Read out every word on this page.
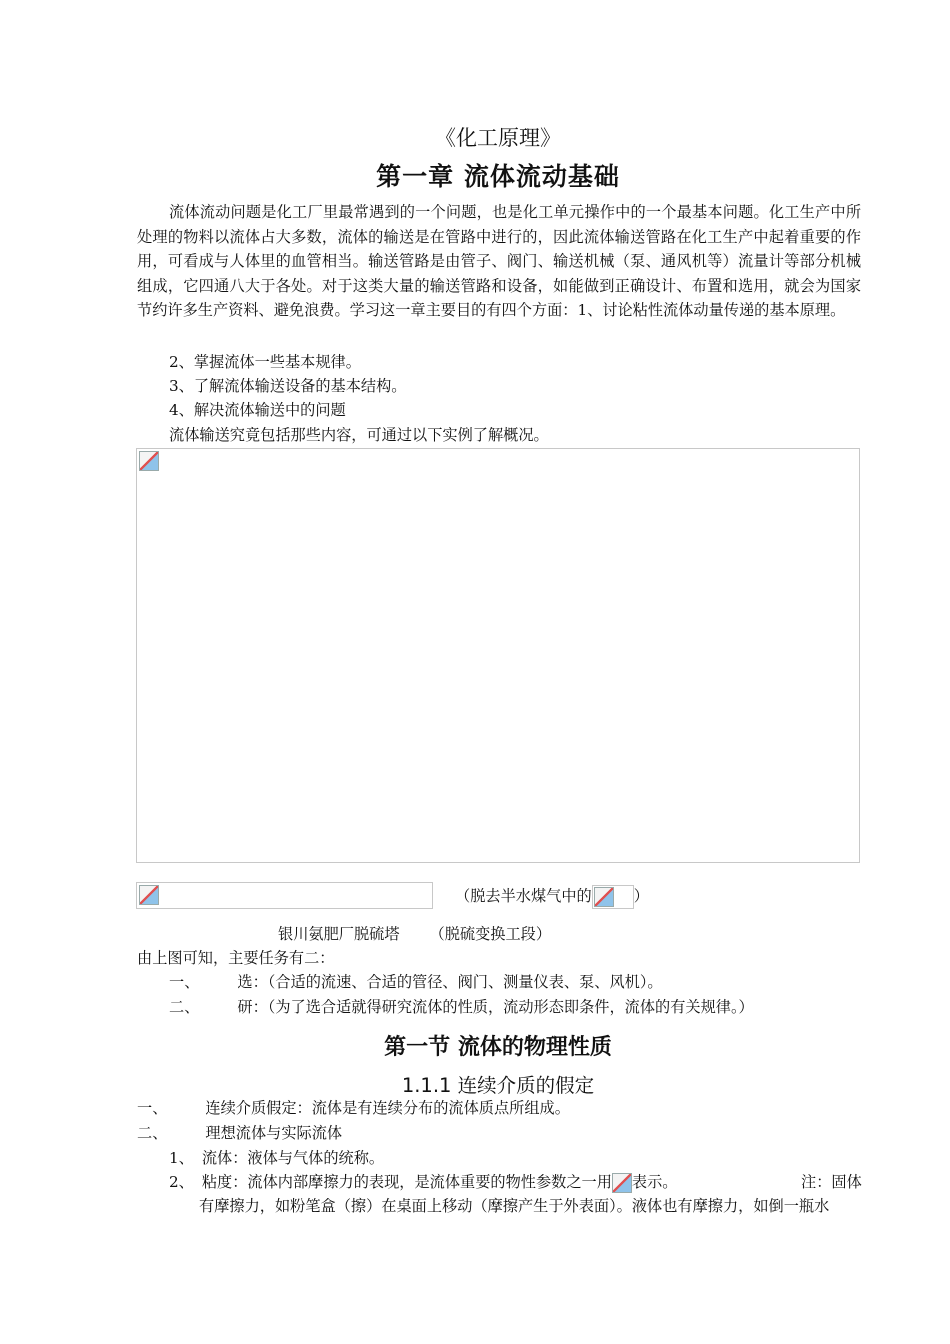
《化工原理》
第一章 流体流动基础
流体流动问题是化工厂里最常遇到的一个问题，也是化工单元操作中的一个最基本问题。化工生产中所处理的物料以流体占大多数，流体的输送是在管路中进行的，因此流体输送管路在化工生产中起着重要的作用，可看成与人体里的血管相当。输送管路是由管子、阀门、输送机械（泵、通风机等）流量计等部分机械组成，它四通八大于各处。对于这类大量的输送管路和设备，如能做到正确设计、布置和选用，就会为国家节约许多生产资料、避免浪费。学习这一章主要目的有四个方面：1、讨论粘性流体动量传递的基本原理。
2、掌握流体一些基本规律。
3、了解流体输送设备的基本结构。
4、解决流体输送中的问题
流体输送究竟包括那些内容，可通过以下实例了解概况。
（脱去半水煤气中的	）
银川氨肥厂脱硫塔 （脱硫变换工段）
由上图可知，主要任务有二：
一、	选：（合适的流速、合适的管径、阀门、测量仪表、泵、风机）。
二、	研：（为了选合适就得研究流体的性质，流动形态即条件，流体的有关规律。）
第一节 流体的物理性质
1.1.1 连续介质的假定
一、	连续介质假定：流体是有连续分布的流体质点所组成。
二、	理想流体与实际流体
1、 流体：液体与气体的统称。
2、 粘度：流体内部摩擦力的表现，是流体重要的物性参数之一用 表示。	注：固体
有摩擦力，如粉笔盒（擦）在桌面上移动（摩擦产生于外表面）。液体也有摩擦力，如倒一瓶水
